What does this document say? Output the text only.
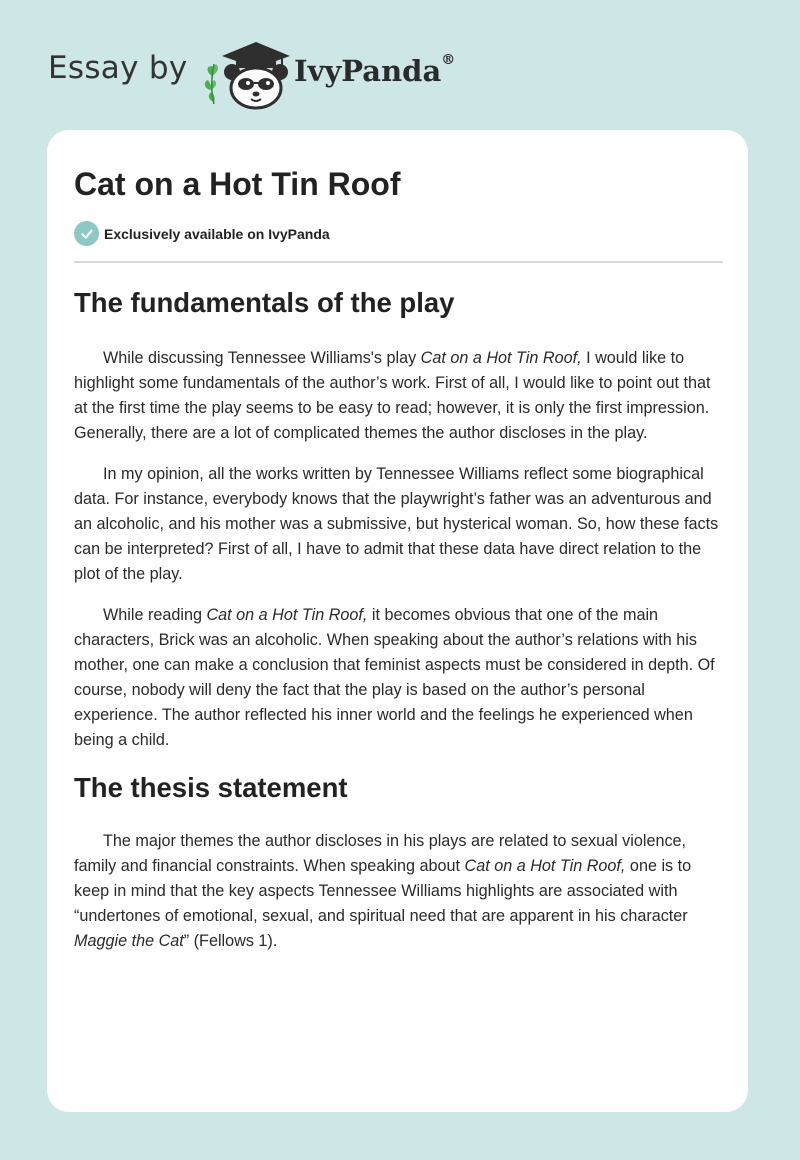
Essay by	IvyPanda®
Cat on a Hot Tin Roof
Exclusively available on IvyPanda
The fundamentals of the play

While discussing Tennessee Williams's play Cat on a Hot Tin Roof, I would like to highlight some fundamentals of the author’s work. First of all, I would like to point out that at the first time the play seems to be easy to read; however, it is only the first impression. Generally, there are a lot of complicated themes the author discloses in the play.

In my opinion, all the works written by Tennessee Williams reflect some biographical data. For instance, everybody knows that the playwright’s father was an adventurous and an alcoholic, and his mother was a submissive, but hysterical woman. So, how these facts can be interpreted? First of all, I have to admit that these data have direct relation to the plot of the play.

While reading Cat on a Hot Tin Roof, it becomes obvious that one of the main characters, Brick was an alcoholic. When speaking about the author’s relations with his mother, one can make a conclusion that feminist aspects must be considered in depth. Of course, nobody will deny the fact that the play is based on the author’s personal experience. The author reflected his inner world and the feelings he experienced when being a child.

The thesis statement

The major themes the author discloses in his plays are related to sexual violence, family and financial constraints. When speaking about Cat on a Hot Tin Roof, one is to keep in mind that the key aspects Tennessee Williams highlights are associated with “undertones of emotional, sexual, and spiritual need that are apparent in his character Maggie the Cat” (Fellows 1).
